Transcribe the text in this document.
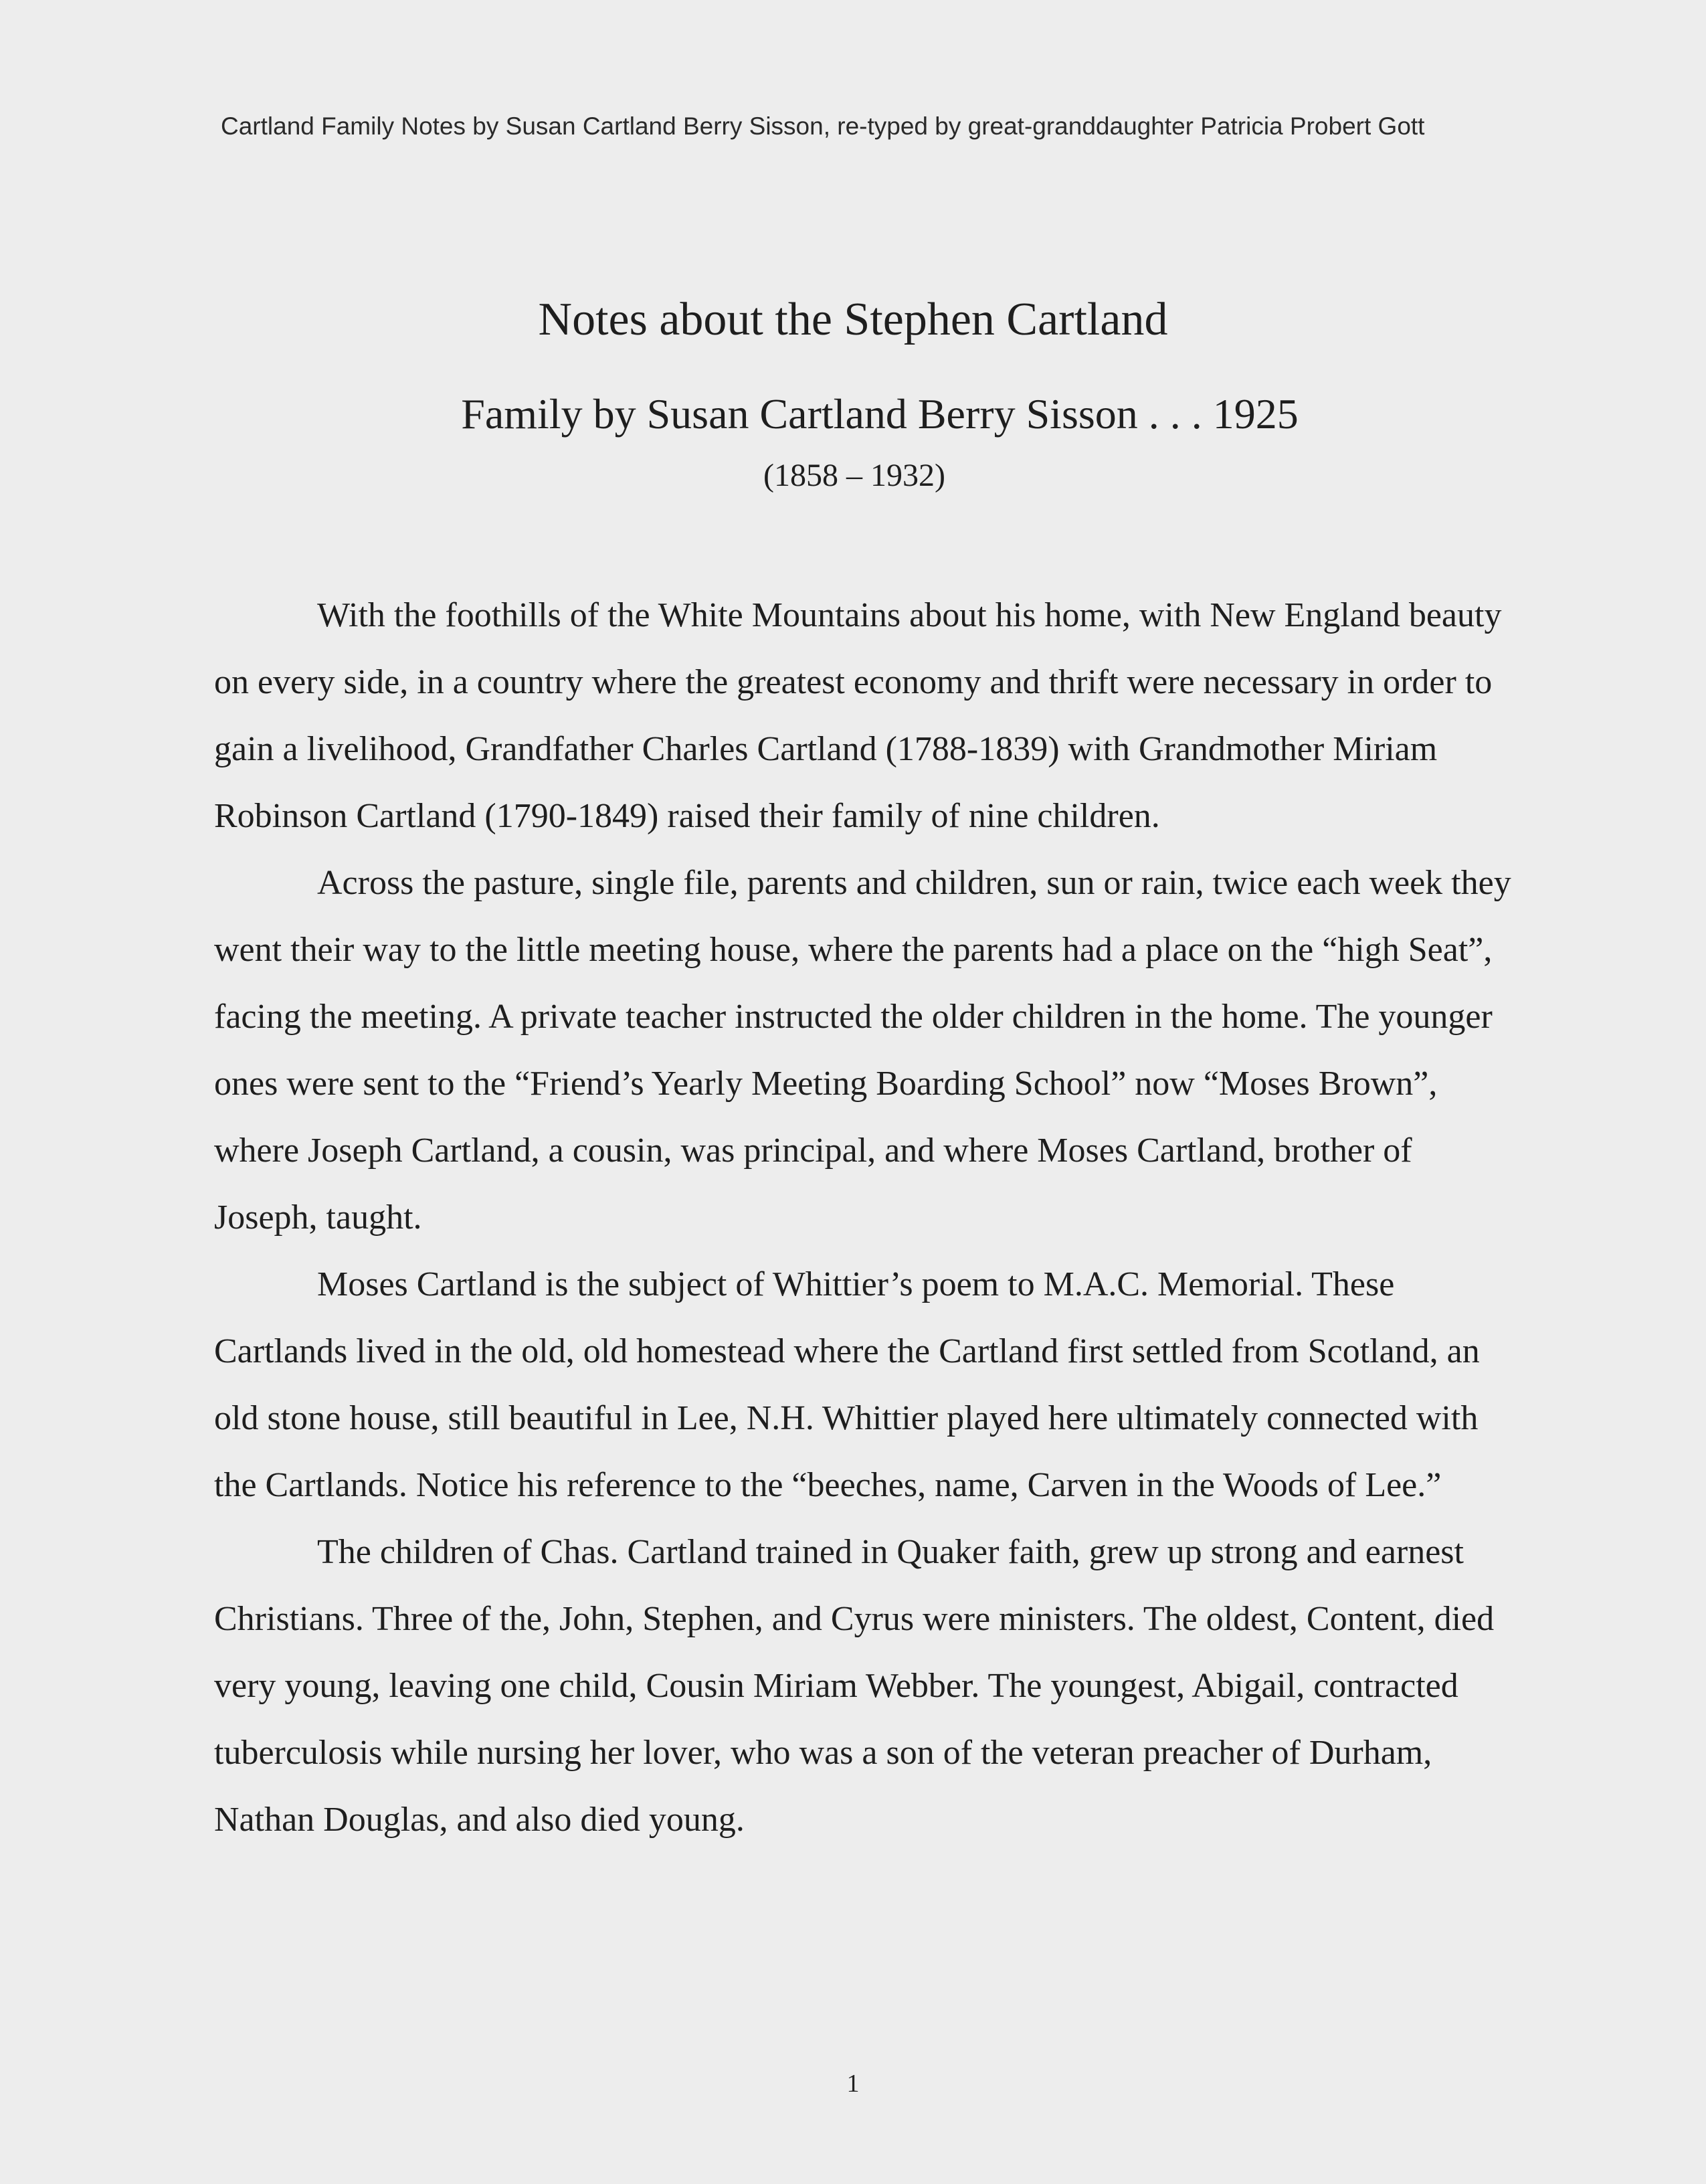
Cartland Family Notes by Susan Cartland Berry Sisson, re-typed by great-granddaughter Patricia Probert Gott
Notes about the Stephen Cartland
Family by Susan Cartland Berry Sisson . . . 1925
(1858 – 1932)

With the foothills of the White Mountains about his home, with New England beauty on every side, in a country where the greatest economy and thrift were necessary in order to gain a livelihood, Grandfather Charles Cartland (1788-1839) with Grandmother Miriam Robinson Cartland (1790-1849) raised their family of nine children.

Across the pasture, single file, parents and children, sun or rain, twice each week they went their way to the little meeting house, where the parents had a place on the “high Seat”, facing the meeting. A private teacher instructed the older children in the home. The younger ones were sent to the “Friend’s Yearly Meeting Boarding School” now “Moses Brown”, where Joseph Cartland, a cousin, was principal, and where Moses Cartland, brother of Joseph, taught.

Moses Cartland is the subject of Whittier’s poem to M.A.C. Memorial. These Cartlands lived in the old, old homestead where the Cartland first settled from Scotland, an old stone house, still beautiful in Lee, N.H. Whittier played here ultimately connected with the Cartlands. Notice his reference to the “beeches, name, Carven in the Woods of Lee.”

The children of Chas. Cartland trained in Quaker faith, grew up strong and earnest Christians. Three of the, John, Stephen, and Cyrus were ministers. The oldest, Content, died very young, leaving one child, Cousin Miriam Webber. The youngest, Abigail, contracted tuberculosis while nursing her lover, who was a son of the veteran preacher of Durham, Nathan Douglas, and also died young.

1
